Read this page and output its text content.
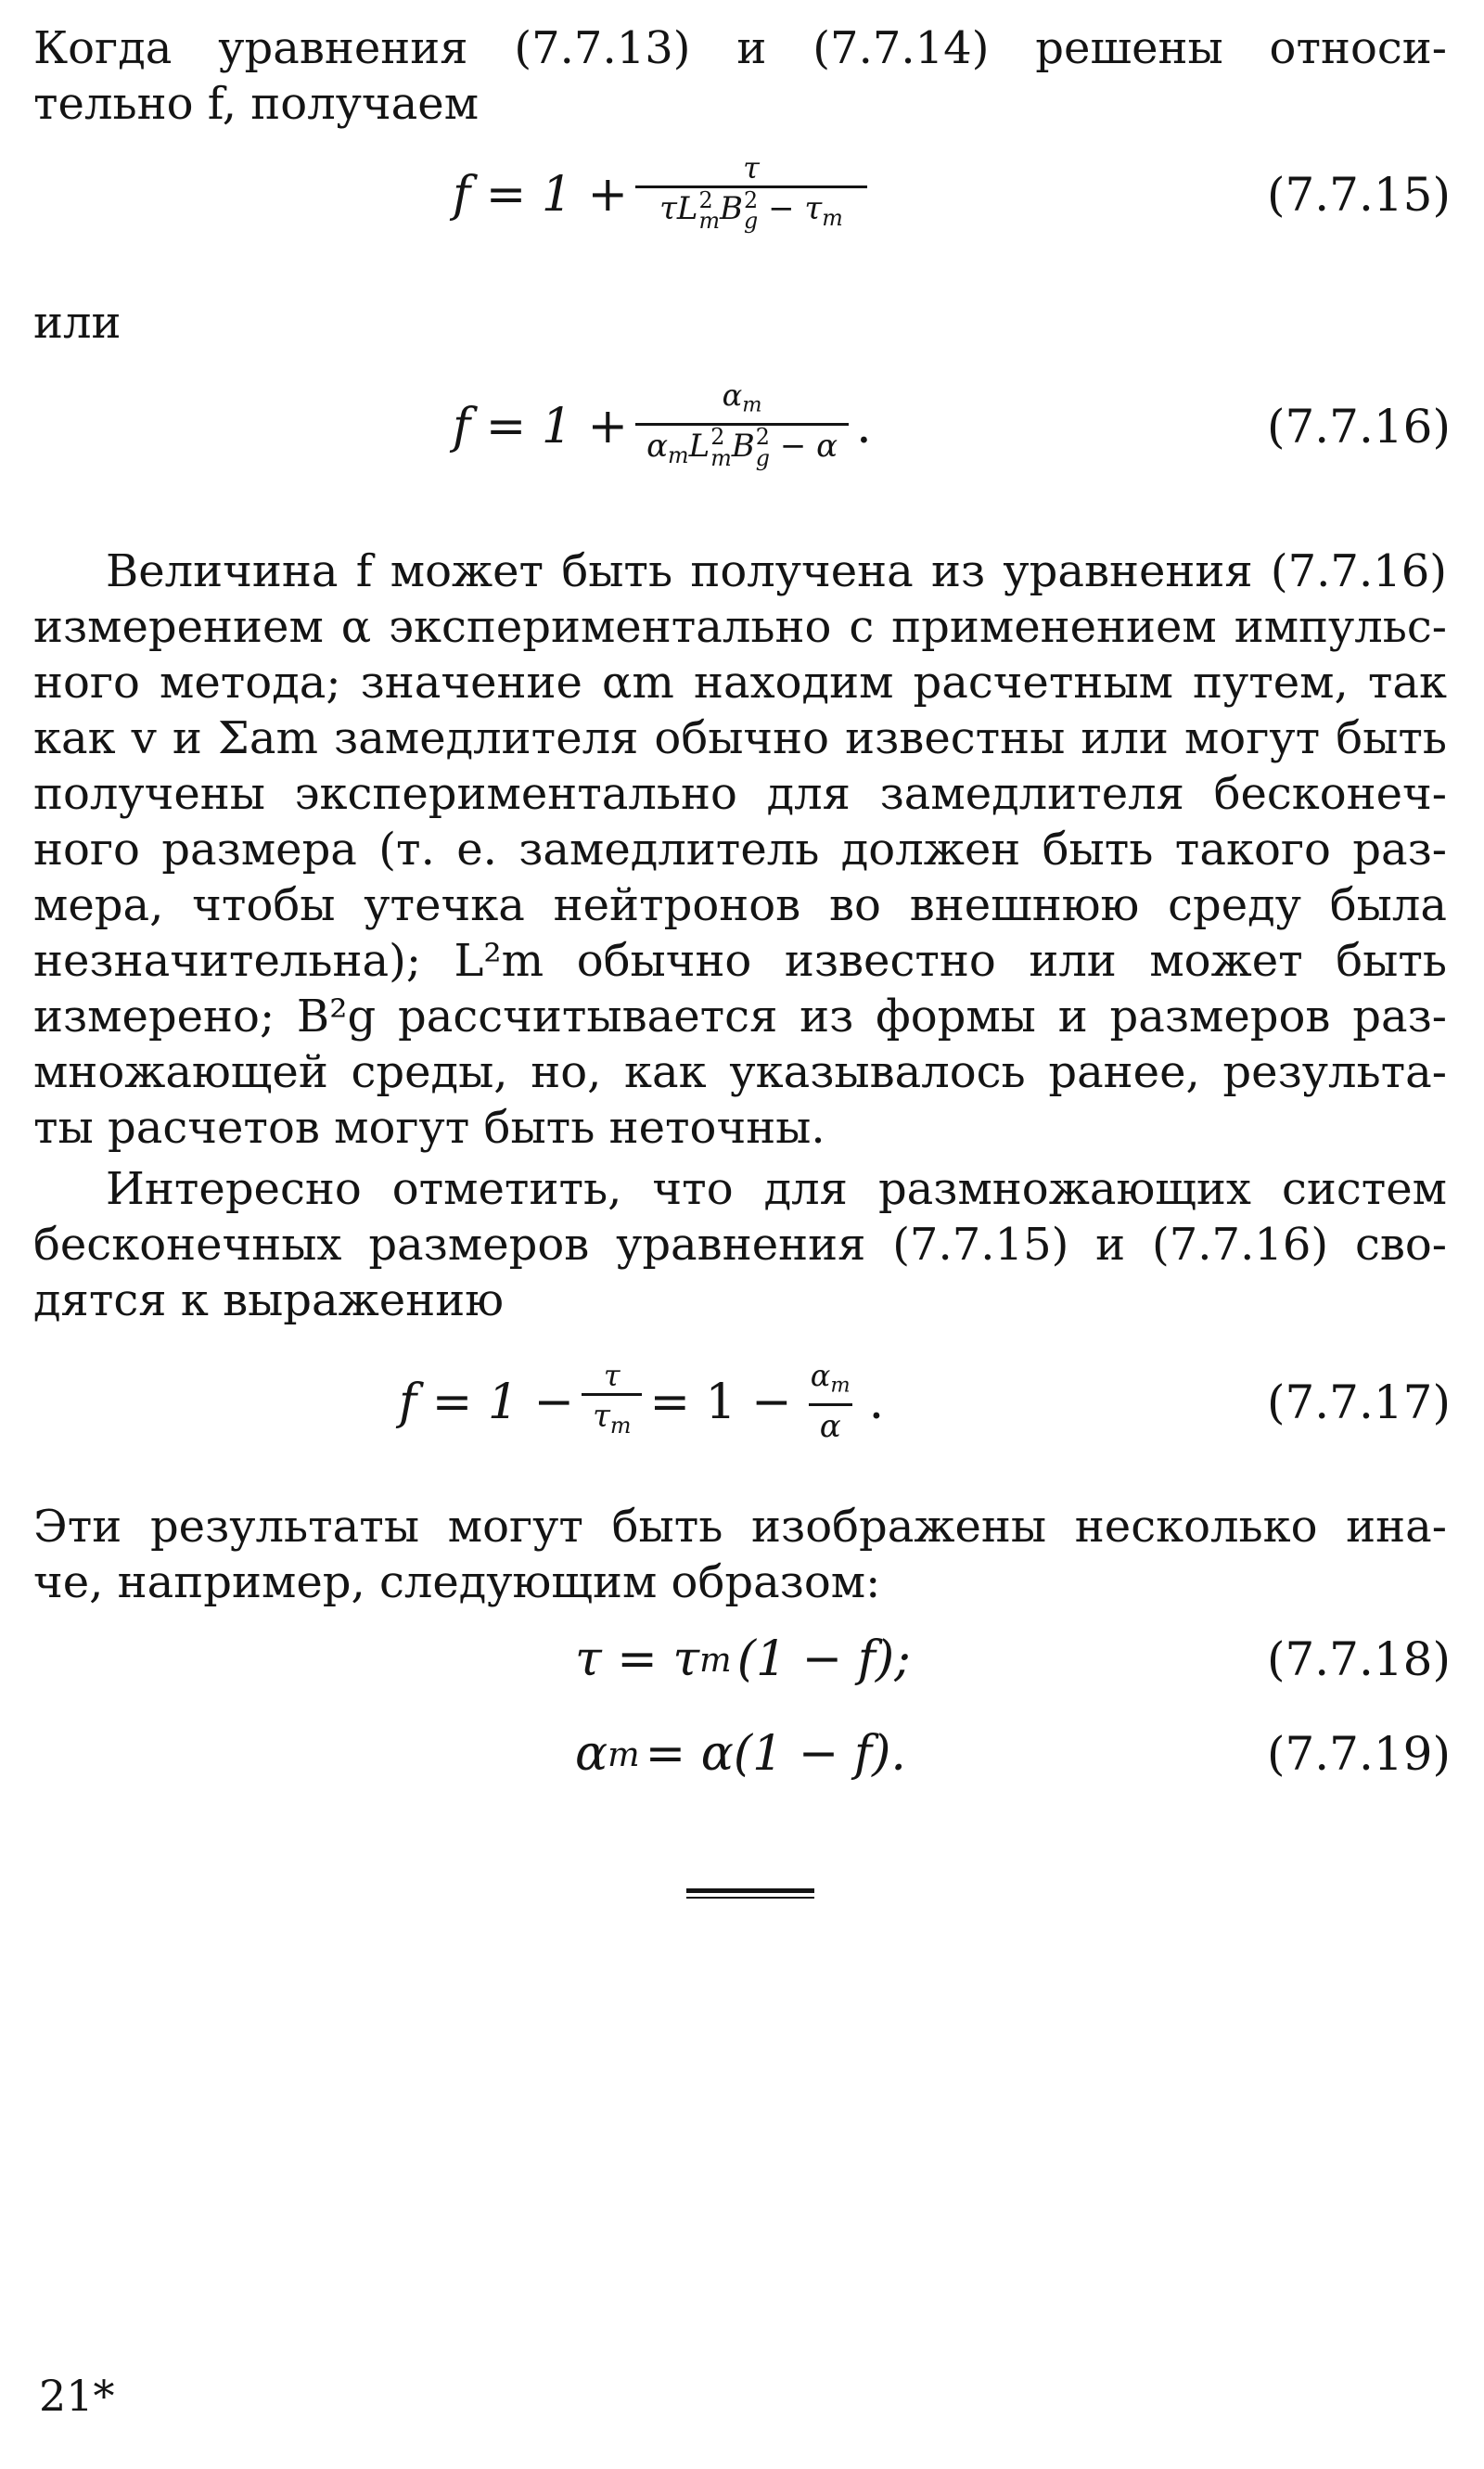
Когда уравнения (7.7.13) и (7.7.14) решены относи-
тельно f, получаем
f = 1 + τ
τL 2
m B 2
$g - \tau_m$	(7.7.15)
или
$f = 1 + \alpha_m$
$\alpha_mL$ 2
m B 2
g − α .	(7.7.16)
Величина f может быть получена из уравнения (7.7.16)
измерением α экспериментально с применением импульс-
ного метода; значение αm находим расчетным путем, так
как v и Σam замедлителя обычно известны или могут быть
получены экспериментально для замедлителя бесконеч-
ного размера (т. е. замедлитель должен быть такого раз-
мера, чтобы утечка нейтронов во внешнюю среду была
незначительна); L²m обычно известно или может быть
измерено; B²g рассчитывается из формы и размеров раз-
множающей среды, но, как указывалось ранее, результа-
ты расчетов могут быть неточны.
Интересно отметить, что для размножающих систем
бесконечных размеров уравнения (7.7.15) и (7.7.16) сво-
дятся к выражению
$f = 1 - \frac{\tau}{\tau_m} = 1 - \frac{\alpha_m}{\alpha}$ .	(7.7.17)
Эти результаты могут быть изображены несколько ина-
че, например, следующим образом:
τ = τ m (1 − f);	(7.7.18)
α m = α(1 − f).	(7.7.19)
21*
